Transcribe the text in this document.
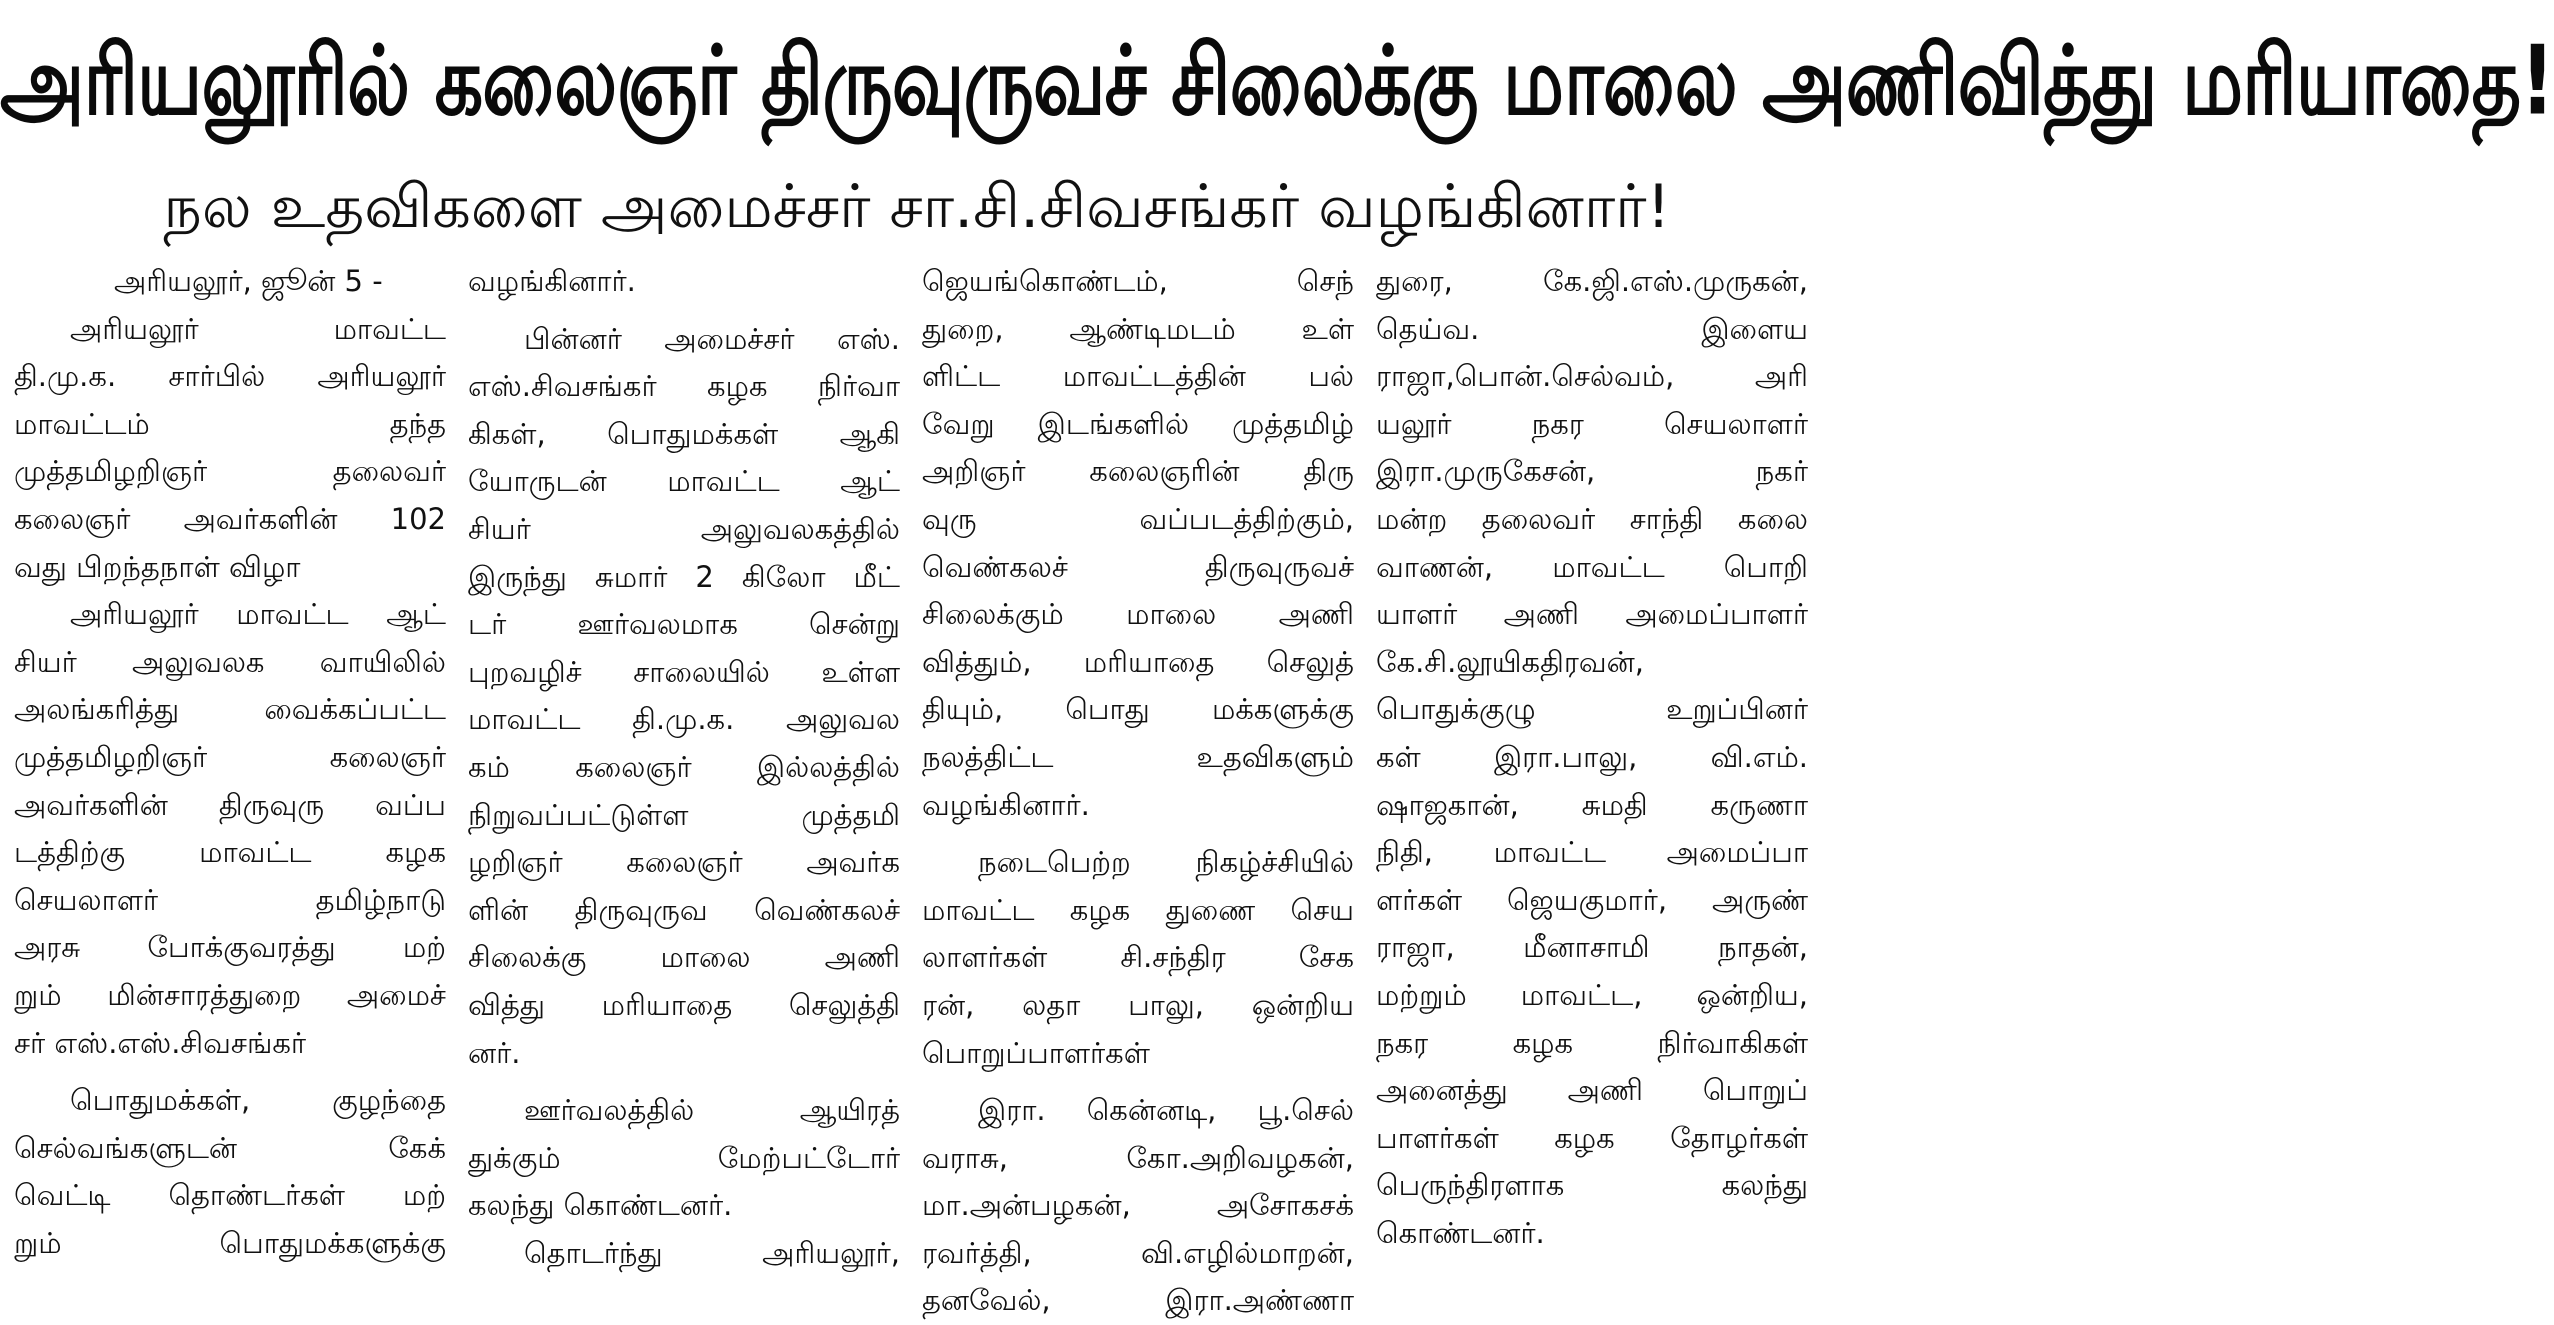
அரியலூரில் கலைஞர் திருவுருவச் சிலைக்கு மாலை அணிவித்து மரியாதை!
நல உதவிகளை அமைச்சர் சா.சி.சிவசங்கர் வழங்கினார்!
அரியலூர், ஜூன் 5 -
அரியலூர் மாவட்ட
தி.மு.க. சார்பில் அரியலூர்
மாவட்டம் தந்த
முத்தமிழறிஞர் தலைவர்
கலைஞர் அவர்களின் 102
வது பிறந்தநாள் விழா
அரியலூர் மாவட்ட ஆட்
சியர் அலுவலக வாயிலில்
அலங்கரித்து வைக்கப்பட்ட
முத்தமிழறிஞர் கலைஞர்
அவர்களின் திருவுரு வப்ப
டத்திற்கு மாவட்ட கழக
செயலாளர் தமிழ்நாடு
அரசு போக்குவரத்து மற்
றும் மின்சாரத்துறை அமைச்
சர் எஸ்.எஸ்.சிவசங்கர்
பொதுமக்கள், குழந்தை
செல்வங்களுடன் கேக்
வெட்டி தொண்டர்கள் மற்
றும் பொதுமக்களுக்கு
வழங்கினார்.
பின்னர் அமைச்சர் எஸ்.
எஸ்.சிவசங்கர் கழக நிர்வா
கிகள், பொதுமக்கள் ஆகி
யோருடன் மாவட்ட ஆட்
சியர் அலுவலகத்தில்
இருந்து சுமார் 2 கிலோ மீட்
டர் ஊர்வலமாக சென்று
புறவழிச் சாலையில் உள்ள
மாவட்ட தி.மு.க. அலுவல
கம் கலைஞர் இல்லத்தில்
நிறுவப்பட்டுள்ள முத்தமி
ழறிஞர் கலைஞர் அவர்க
ளின் திருவுருவ வெண்கலச்
சிலைக்கு மாலை அணி
வித்து மரியாதை செலுத்தி
னர்.
ஊர்வலத்தில் ஆயிரத்
துக்கும் மேற்பட்டோர்
கலந்து கொண்டனர்.
தொடர்ந்து அரியலூர்,
ஜெயங்கொண்டம், செந்
துறை, ஆண்டிமடம் உள்
ளிட்ட மாவட்டத்தின் பல்
வேறு இடங்களில் முத்தமிழ்
அறிஞர் கலைஞரின் திரு
வுரு வப்படத்திற்கும்,
வெண்கலச் திருவுருவச்
சிலைக்கும் மாலை அணி
வித்தும், மரியாதை செலுத்
தியும், பொது மக்களுக்கு
நலத்திட்ட உதவிகளும்
வழங்கினார்.
நடைபெற்ற நிகழ்ச்சியில்
மாவட்ட கழக துணை செய
லாளர்கள் சி.சந்திர சேக
ரன், லதா பாலு, ஒன்றிய
பொறுப்பாளர்கள்
இரா. கென்னடி, பூ.செல்
வராசு, கோ.அறிவழகன்,
மா.அன்பழகன், அசோகசக்
ரவர்த்தி, வி.எழில்மாறன்,
தனவேல், இரா.அண்ணா
துரை, கே.ஜி.எஸ்.முருகன்,
தெய்வ. இளைய
ராஜா,பொன்.செல்வம், அரி
யலூர் நகர செயலாளர்
இரா.முருகேசன், நகர்
மன்ற தலைவர் சாந்தி கலை
வாணன், மாவட்ட பொறி
யாளர் அணி அமைப்பாளர்
கே.சி.லூயிகதிரவன்,
பொதுக்குழு உறுப்பினர்
கள் இரா.பாலு, வி.எம்.
ஷாஜகான், சுமதி கருணா
நிதி, மாவட்ட அமைப்பா
ளர்கள் ஜெயகுமார், அருண்
ராஜா, மீனாசாமி நாதன்,
மற்றும் மாவட்ட, ஒன்றிய,
நகர கழக நிர்வாகிகள்
அனைத்து அணி பொறுப்
பாளர்கள் கழக தோழர்கள்
பெருந்திரளாக கலந்து
கொண்டனர்.
